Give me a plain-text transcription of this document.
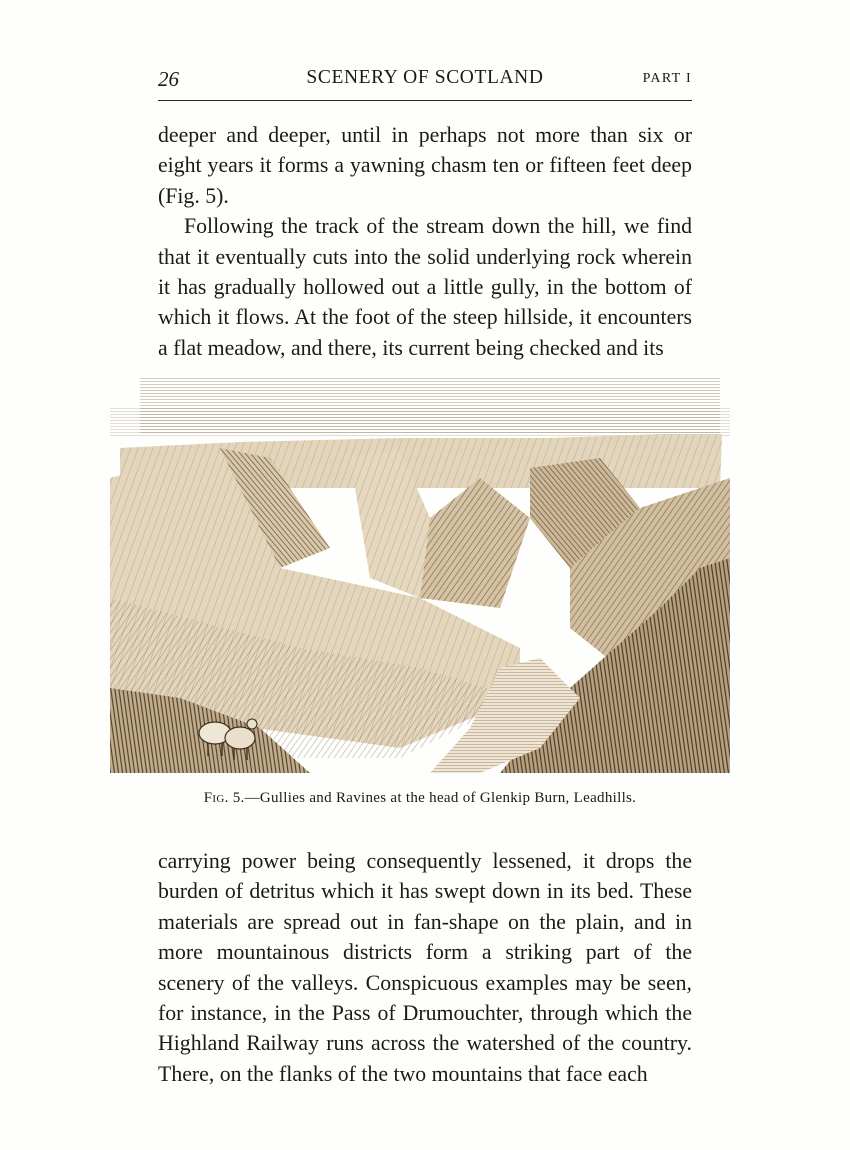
26	SCENERY OF SCOTLAND	PART I

deeper and deeper, until in perhaps not more than six or eight years it forms a yawning chasm ten or fifteen feet deep (Fig. 5).

Following the track of the stream down the hill, we find that it eventually cuts into the solid underlying rock wherein it has gradually hollowed out a little gully, in the bottom of which it flows. At the foot of the steep hillside, it encounters a flat meadow, and there, its current being checked and its

Fig. 5.—Gullies and Ravines at the head of Glenkip Burn, Leadhills.

carrying power being consequently lessened, it drops the burden of detritus which it has swept down in its bed. These materials are spread out in fan-shape on the plain, and in more mountainous districts form a striking part of the scenery of the valleys. Conspicuous examples may be seen, for instance, in the Pass of Drumouchter, through which the Highland Railway runs across the watershed of the country. There, on the flanks of the two mountains that face each
